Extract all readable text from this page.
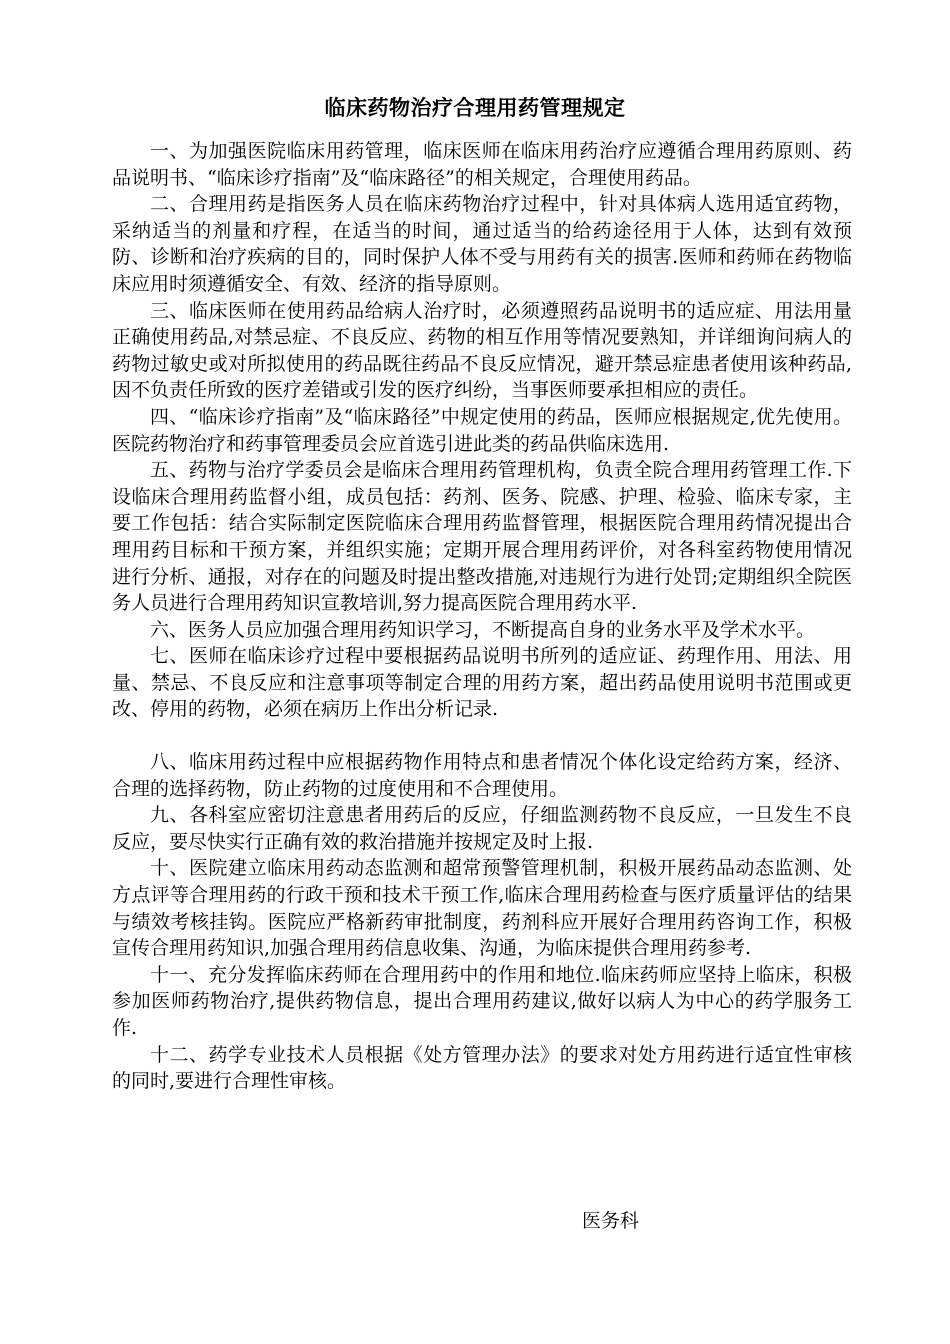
临床药物治疗合理用药管理规定

一、为加强医院临床用药管理，临床医师在临床用药治疗应遵循合理用药原则、药品说明书、“临床诊疗指南”及“临床路径”的相关规定，合理使用药品。

二、合理用药是指医务人员在临床药物治疗过程中，针对具体病人选用适宜药物，采纳适当的剂量和疗程，在适当的时间，通过适当的给药途径用于人体，达到有效预防、诊断和治疗疾病的目的，同时保护人体不受与用药有关的损害.医师和药师在药物临床应用时须遵循安全、有效、经济的指导原则。

三、临床医师在使用药品给病人治疗时，必须遵照药品说明书的适应症、用法用量正确使用药品,对禁忌症、不良反应、药物的相互作用等情况要熟知，并详细询问病人的药物过敏史或对所拟使用的药品既往药品不良反应情况，避开禁忌症患者使用该种药品,因不负责任所致的医疗差错或引发的医疗纠纷，当事医师要承担相应的责任。

四、“临床诊疗指南”及“临床路径”中规定使用的药品，医师应根据规定,优先使用。医院药物治疗和药事管理委员会应首选引进此类的药品供临床选用.

五、药物与治疗学委员会是临床合理用药管理机构，负责全院合理用药管理工作.下设临床合理用药监督小组，成员包括：药剂、医务、院感、护理、检验、临床专家，主要工作包括：结合实际制定医院临床合理用药监督管理，根据医院合理用药情况提出合理用药目标和干预方案，并组织实施；定期开展合理用药评价，对各科室药物使用情况进行分析、通报，对存在的问题及时提出整改措施,对违规行为进行处罚;定期组织全院医务人员进行合理用药知识宣教培训,努力提高医院合理用药水平.

六、医务人员应加强合理用药知识学习，不断提高自身的业务水平及学术水平。

七、医师在临床诊疗过程中要根据药品说明书所列的适应证、药理作用、用法、用量、禁忌、不良反应和注意事项等制定合理的用药方案，超出药品使用说明书范围或更改、停用的药物，必须在病历上作出分析记录.

八、临床用药过程中应根据药物作用特点和患者情况个体化设定给药方案，经济、合理的选择药物，防止药物的过度使用和不合理使用。

九、各科室应密切注意患者用药后的反应，仔细监测药物不良反应，一旦发生不良反应，要尽快实行正确有效的救治措施并按规定及时上报.

十、医院建立临床用药动态监测和超常预警管理机制，积极开展药品动态监测、处方点评等合理用药的行政干预和技术干预工作,临床合理用药检查与医疗质量评估的结果与绩效考核挂钩。医院应严格新药审批制度，药剂科应开展好合理用药咨询工作，积极宣传合理用药知识,加强合理用药信息收集、沟通，为临床提供合理用药参考.

十一、充分发挥临床药师在合理用药中的作用和地位.临床药师应坚持上临床，积极参加医师药物治疗,提供药物信息，提出合理用药建议,做好以病人为中心的药学服务工作.

十二、药学专业技术人员根据《处方管理办法》的要求对处方用药进行适宜性审核的同时,要进行合理性审核。

医务科
